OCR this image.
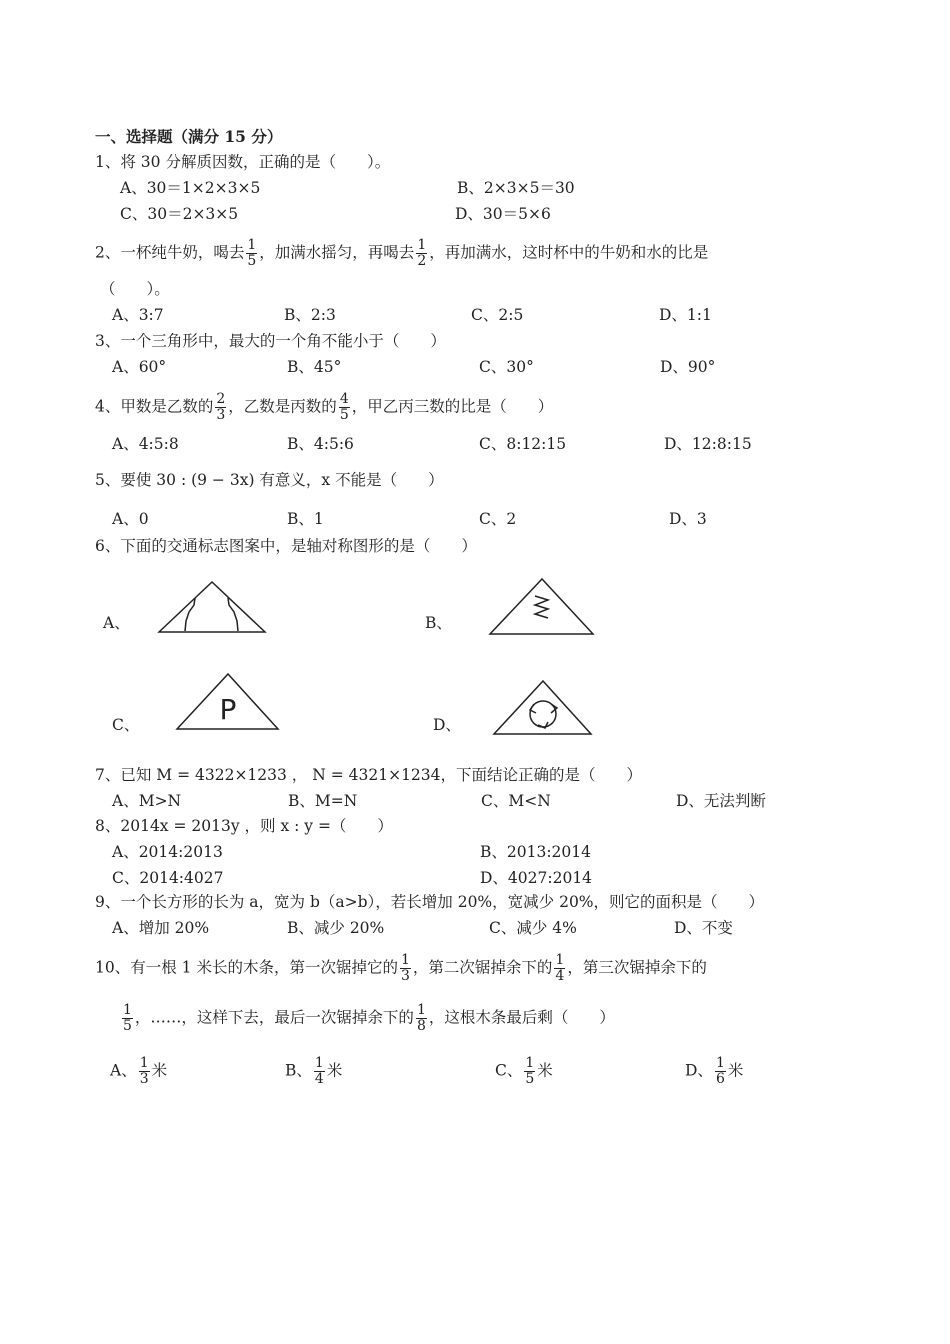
一、选择题（满分 15 分）
1、将 30 分解质因数，正确的是（　　）。
A、30＝1×2×3×5	B、2×3×5＝30
C、30＝2×3×5	D、30＝5×6
2、一杯纯牛奶，喝去 $\frac{1}{5}$ ，加满水摇匀，再喝去 $\frac{1}{2}$ ，再加满水，这时杯中的牛奶和水的比是
（　　）。
A、3:7	B、2:3	C、2:5	D、1:1
3、一个三角形中，最大的一个角不能小于（　　）
A、60°	B、45°	C、30°	D、90°
4、甲数是乙数的 $\frac{2}{3}$ ，乙数是丙数的 $\frac{4}{5}$ ，甲乙丙三数的比是（　　）
A、4:5:8	B、4:5:6	C、8:12:15	D、12:8:15
5、要使 30 : (9 − 3x) 有意义，x 不能是（　　）
A、0	B、1	C、2	D、3
6、下面的交通标志图案中，是轴对称图形的是（　　）
A、	B、
C、	D、
P
7、已知 M = 4322×1233 ， N = 4321×1234，下面结论正确的是（　　）
A、M>N	B、M=N	C、M<N	D、无法判断
8、2014x = 2013y ，则 x : y =（　　）
A、2014:2013	B、2013:2014
C、2014:4027	D、4027:2014
9、一个长方形的长为 a，宽为 b（a>b），若长增加 20%，宽减少 20%，则它的面积是（　　）
A、增加 20%	B、减少 20%	C、减少 4%	D、不变
10、有一根 1 米长的木条，第一次锯掉它的 $\frac{1}{3}$ ，第二次锯掉余下的 $\frac{1}{4}$ ，第三次锯掉余下的
$\frac{1}{5}$ ，……，这样下去，最后一次锯掉余下的 $\frac{1}{8}$ ，这根木条最后剩（　　）
A、 $\frac{1}{3}$ 米	B、 $\frac{1}{4}$ 米	C、 $\frac{1}{5}$ 米	D、 $\frac{1}{6}$ 米
